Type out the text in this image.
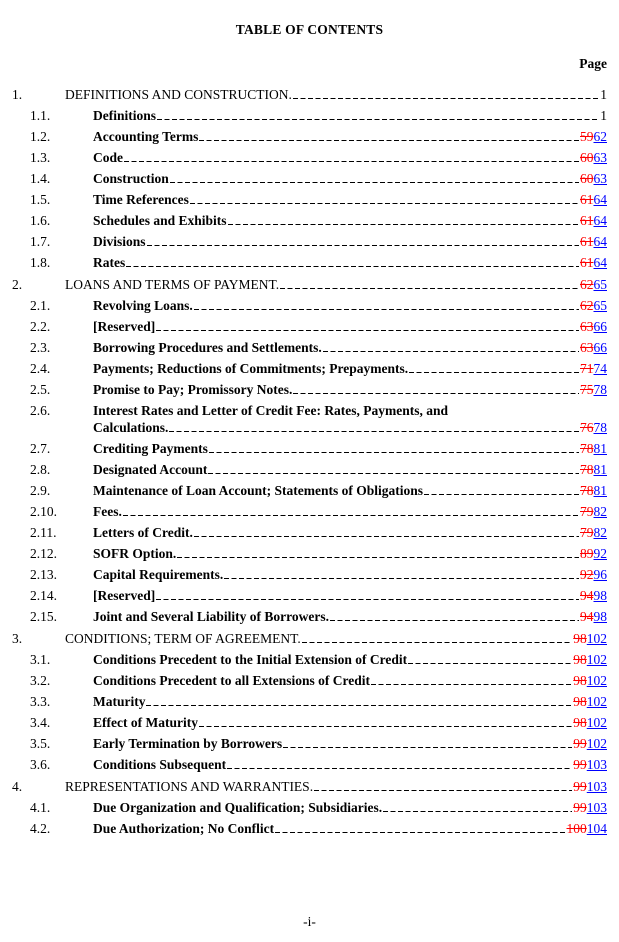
TABLE OF CONTENTS
Page
1.	DEFINITIONS AND CONSTRUCTION.	1
1.1.	Definitions	1
1.2.	Accounting Terms	59 62
1.3.	Code	60 63
1.4.	Construction	60 63
1.5.	Time References	61 64
1.6.	Schedules and Exhibits	61 64
1.7.	Divisions	61 64
1.8.	Rates	61 64
2.	LOANS AND TERMS OF PAYMENT.	62 65
2.1.	Revolving Loans.	62 65
2.2.	[Reserved]	63 66
2.3.	Borrowing Procedures and Settlements.	63 66
2.4.	Payments; Reductions of Commitments; Prepayments.	71 74
2.5.	Promise to Pay; Promissory Notes.	75 78
2.6.	Interest Rates and Letter of Credit Fee: Rates, Payments, and
Calculations.	76 78
2.7.	Crediting Payments	78 81
2.8.	Designated Account	78 81
2.9.	Maintenance of Loan Account; Statements of Obligations	78 81
2.10.	Fees.	79 82
2.11.	Letters of Credit.	79 82
2.12.	SOFR Option.	89 92
2.13.	Capital Requirements.	92 96
2.14.	[Reserved]	94 98
2.15.	Joint and Several Liability of Borrowers.	94 98
3.	CONDITIONS; TERM OF AGREEMENT.	98 102
3.1.	Conditions Precedent to the Initial Extension of Credit	98 102
3.2.	Conditions Precedent to all Extensions of Credit	98 102
3.3.	Maturity	98 102
3.4.	Effect of Maturity	98 102
3.5.	Early Termination by Borrowers	99 102
3.6.	Conditions Subsequent	99 103
4.	REPRESENTATIONS AND WARRANTIES.	99 103
4.1.	Due Organization and Qualification; Subsidiaries.	99 103
4.2.	Due Authorization; No Conflict	100 104
-i-
